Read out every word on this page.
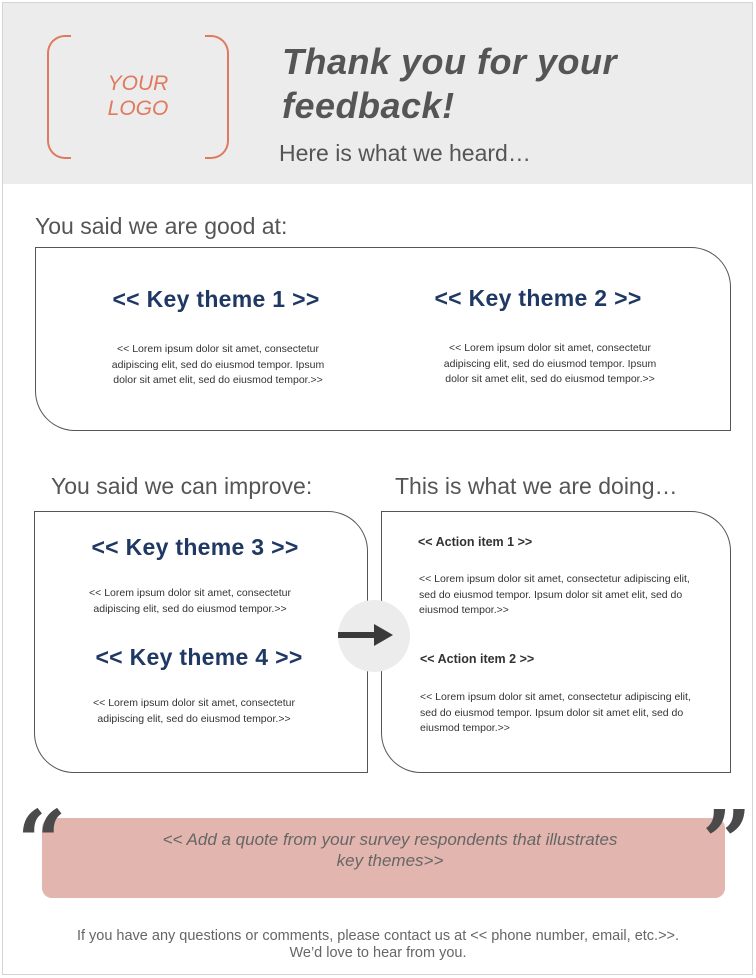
YOUR
LOGO
Thank you for your feedback!
Here is what we heard…
You said we are good at:
<< Key theme 1 >>
<< Lorem ipsum dolor sit amet, consectetur adipiscing elit, sed do eiusmod tempor. Ipsum dolor sit amet elit, sed do eiusmod tempor.>>
<< Key theme 2 >>
<< Lorem ipsum dolor sit amet, consectetur adipiscing elit, sed do eiusmod tempor. Ipsum dolor sit amet elit, sed do eiusmod tempor.>>
You said we can improve:	This is what we are doing…
<< Key theme 3 >>
<< Lorem ipsum dolor sit amet, consectetur adipiscing elit, sed do eiusmod tempor.>>
<< Key theme 4 >>
<< Lorem ipsum dolor sit amet, consectetur adipiscing elit, sed do eiusmod tempor.>>
<< Action item 1 >>
<< Lorem ipsum dolor sit amet, consectetur adipiscing elit, sed do eiusmod tempor. Ipsum dolor sit amet elit, sed do eiusmod tempor.>>
<< Action item 2 >>
<< Lorem ipsum dolor sit amet, consectetur adipiscing elit, sed do eiusmod tempor. Ipsum dolor sit amet elit, sed do eiusmod tempor.>>
“	”
<< Add a quote from your survey respondents that illustrates key themes>>
If you have any questions or comments, please contact us at << phone number, email, etc.>>.
We’d love to hear from you.
